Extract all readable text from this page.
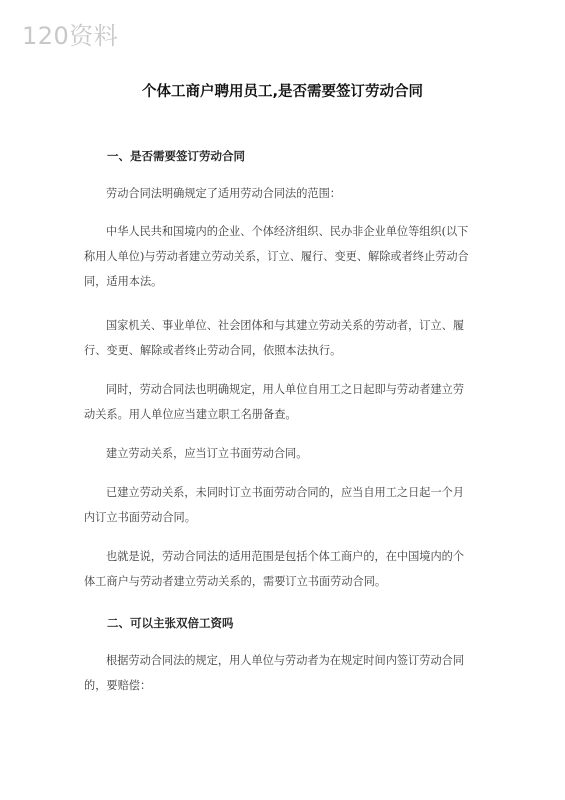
120资料
个体工商户聘用员工,是否需要签订劳动合同
一、是否需要签订劳动合同
劳动合同法明确规定了适用劳动合同法的范围：
中华人民共和国境内的企业、个体经济组织、民办非企业单位等组织(以下
称用人单位)与劳动者建立劳动关系，订立、履行、变更、解除或者终止劳动合
同，适用本法。
国家机关、事业单位、社会团体和与其建立劳动关系的劳动者，订立、履
行、变更、解除或者终止劳动合同，依照本法执行。
同时，劳动合同法也明确规定，用人单位自用工之日起即与劳动者建立劳
动关系。用人单位应当建立职工名册备查。
建立劳动关系，应当订立书面劳动合同。
已建立劳动关系，未同时订立书面劳动合同的，应当自用工之日起一个月
内订立书面劳动合同。
也就是说，劳动合同法的适用范围是包括个体工商户的，在中国境内的个
体工商户与劳动者建立劳动关系的，需要订立书面劳动合同。
二、可以主张双倍工资吗
根据劳动合同法的规定，用人单位与劳动者为在规定时间内签订劳动合同
的，要赔偿：
